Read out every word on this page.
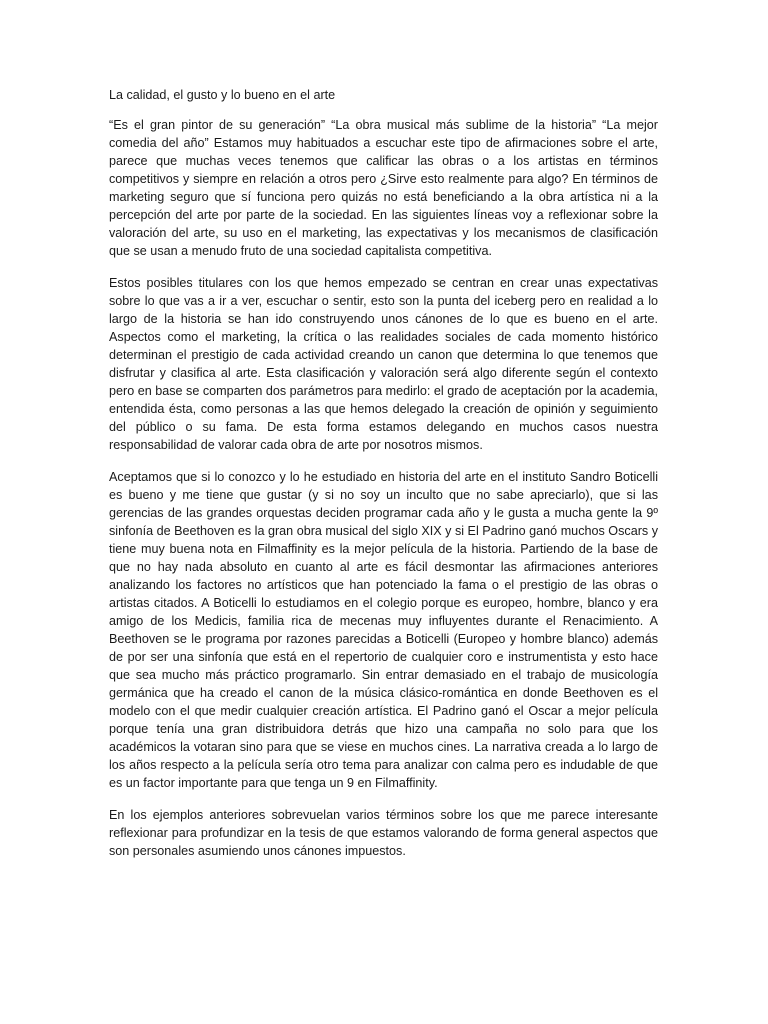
La calidad, el gusto y lo bueno en el arte

“Es el gran pintor de su generación” “La obra musical más sublime de la historia” “La mejor comedia del año” Estamos muy habituados a escuchar este tipo de afirmaciones sobre el arte, parece que muchas veces tenemos que calificar las obras o a los artistas en términos competitivos y siempre en relación a otros pero ¿Sirve esto realmente para algo? En términos de marketing seguro que sí funciona pero quizás no está beneficiando a la obra artística ni a la percepción del arte por parte de la sociedad. En las siguientes líneas voy a reflexionar sobre la valoración del arte, su uso en el marketing, las expectativas y los mecanismos de clasificación que se usan a menudo fruto de una sociedad capitalista competitiva.

Estos posibles titulares con los que hemos empezado se centran en crear unas expectativas sobre lo que vas a ir a ver, escuchar o sentir, esto son la punta del iceberg pero en realidad a lo largo de la historia se han ido construyendo unos cánones de lo que es bueno en el arte. Aspectos como el marketing, la crítica o las realidades sociales de cada momento histórico determinan el prestigio de cada actividad creando un canon que determina lo que tenemos que disfrutar y clasifica al arte. Esta clasificación y valoración será algo diferente según el contexto pero en base se comparten dos parámetros para medirlo: el grado de aceptación por la academia, entendida ésta, como personas a las que hemos delegado la creación de opinión y seguimiento del público o su fama. De esta forma estamos delegando en muchos casos nuestra responsabilidad de valorar cada obra de arte por nosotros mismos.

Aceptamos que si lo conozco y lo he estudiado en historia del arte en el instituto Sandro Boticelli es bueno y me tiene que gustar (y si no soy un inculto que no sabe apreciarlo), que si las gerencias de las grandes orquestas deciden programar cada año y le gusta a mucha gente la 9º sinfonía de Beethoven es la gran obra musical del siglo XIX y si El Padrino ganó muchos Oscars y tiene muy buena nota en Filmaffinity es la mejor película de la historia. Partiendo de la base de que no hay nada absoluto en cuanto al arte es fácil desmontar las afirmaciones anteriores analizando los factores no artísticos que han potenciado la fama o el prestigio de las obras o artistas citados. A Boticelli lo estudiamos en el colegio porque es europeo, hombre, blanco y era amigo de los Medicis, familia rica de mecenas muy influyentes durante el Renacimiento. A Beethoven se le programa por razones parecidas a Boticelli (Europeo y hombre blanco) además de por ser una sinfonía que está en el repertorio de cualquier coro e instrumentista y esto hace que sea mucho más práctico programarlo. Sin entrar demasiado en el trabajo de musicología germánica que ha creado el canon de la música clásico-romántica en donde Beethoven es el modelo con el que medir cualquier creación artística. El Padrino ganó el Oscar a mejor película porque tenía una gran distribuidora detrás que hizo una campaña no solo para que los académicos la votaran sino para que se viese en muchos cines. La narrativa creada a lo largo de los años respecto a la película sería otro tema para analizar con calma pero es indudable de que es un factor importante para que tenga un 9 en Filmaffinity.

En los ejemplos anteriores sobrevuelan varios términos sobre los que me parece interesante reflexionar para profundizar en la tesis de que estamos valorando de forma general aspectos que son personales asumiendo unos cánones impuestos.
